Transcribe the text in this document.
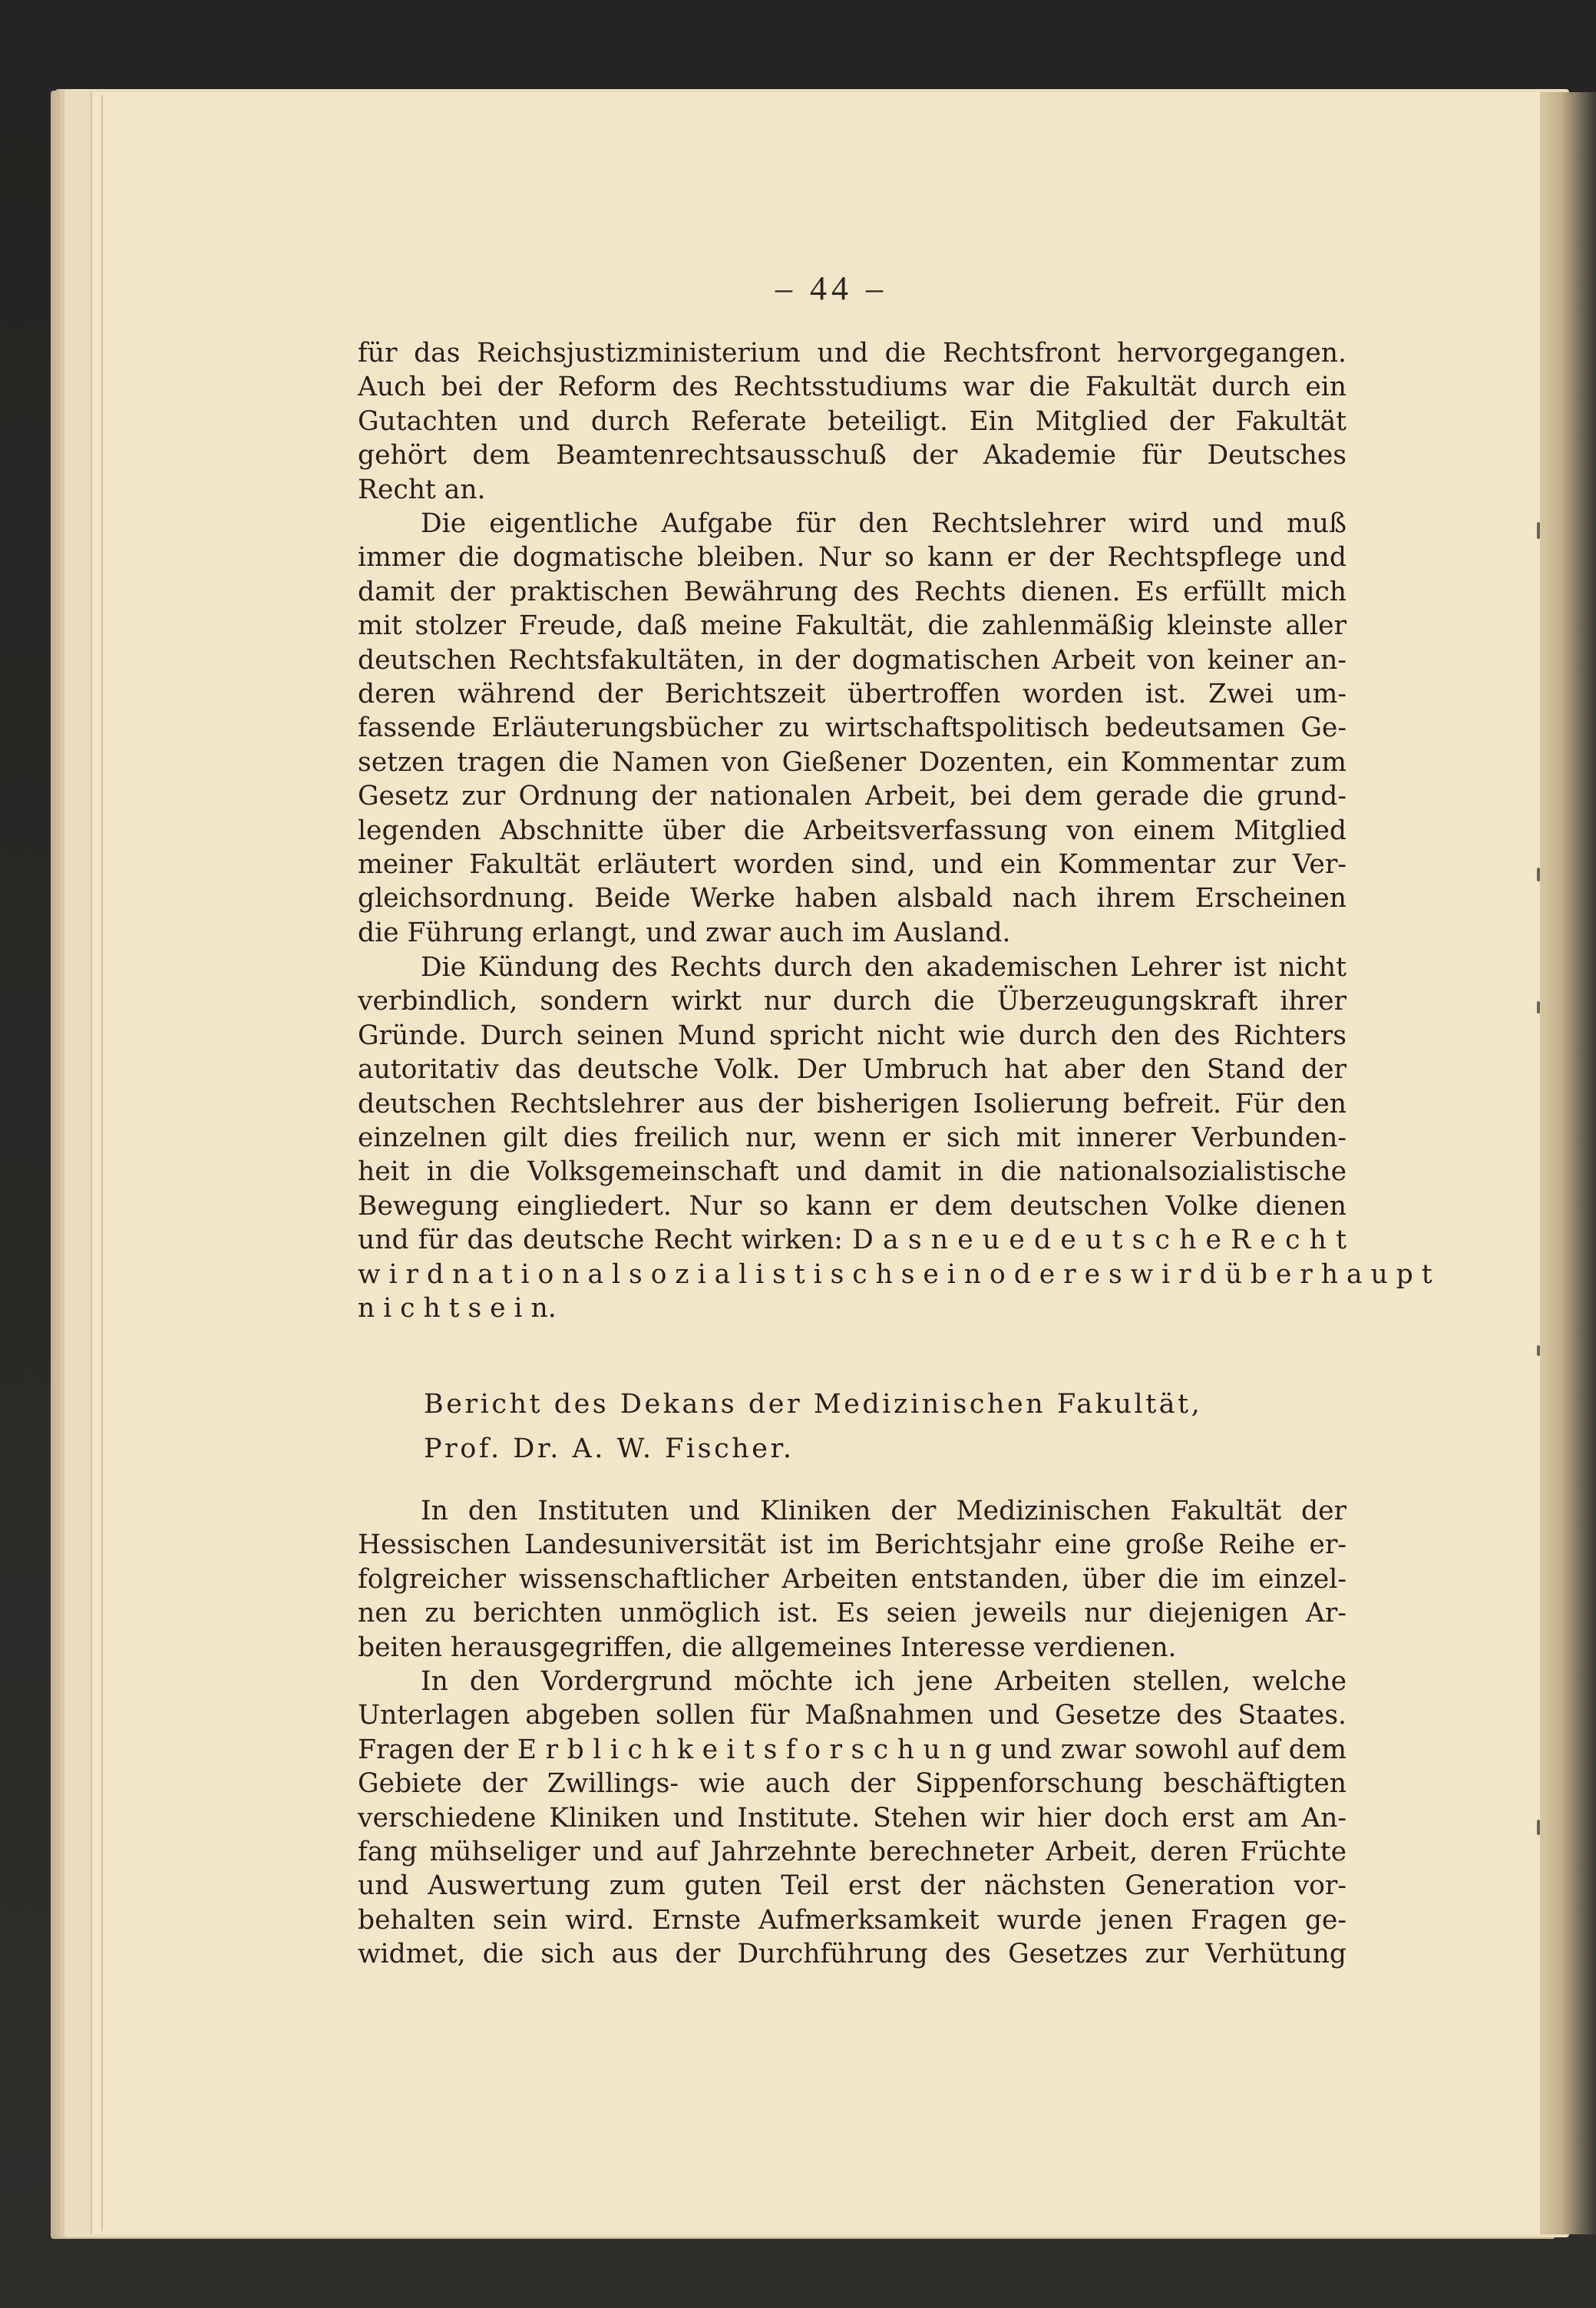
– 44 –
für das Reichsjustizministerium und die Rechtsfront hervorgegangen.
Auch bei der Reform des Rechtsstudiums war die Fakultät durch ein
Gutachten und durch Referate beteiligt. Ein Mitglied der Fakultät
gehört dem Beamtenrechtsausschuß der Akademie für Deutsches
Recht an.
Die eigentliche Aufgabe für den Rechtslehrer wird und muß
immer die dogmatische bleiben. Nur so kann er der Rechtspflege und
damit der praktischen Bewährung des Rechts dienen. Es erfüllt mich
mit stolzer Freude, daß meine Fakultät, die zahlenmäßig kleinste aller
deutschen Rechtsfakultäten, in der dogmatischen Arbeit von keiner an-
deren während der Berichtszeit übertroffen worden ist. Zwei um-
fassende Erläuterungsbücher zu wirtschaftspolitisch bedeutsamen Ge-
setzen tragen die Namen von Gießener Dozenten, ein Kommentar zum
Gesetz zur Ordnung der nationalen Arbeit, bei dem gerade die grund-
legenden Abschnitte über die Arbeitsverfassung von einem Mitglied
meiner Fakultät erläutert worden sind, und ein Kommentar zur Ver-
gleichsordnung. Beide Werke haben alsbald nach ihrem Erscheinen
die Führung erlangt, und zwar auch im Ausland.
Die Kündung des Rechts durch den akademischen Lehrer ist nicht
verbindlich, sondern wirkt nur durch die Überzeugungskraft ihrer
Gründe. Durch seinen Mund spricht nicht wie durch den des Richters
autoritativ das deutsche Volk. Der Umbruch hat aber den Stand der
deutschen Rechtslehrer aus der bisherigen Isolierung befreit. Für den
einzelnen gilt dies freilich nur, wenn er sich mit innerer Verbunden-
heit in die Volksgemeinschaft und damit in die nationalsozialistische
Bewegung eingliedert. Nur so kann er dem deutschen Volke dienen
und für das deutsche Recht wirken: D a s n e u e d e u t s c h e R e c h t
w i r d n a t i o n a l s o z i a l i s t i s c h s e i n o d e r e s w i r d ü b e r h a u p t
n i c h t s e i n.
Bericht des Dekans der Medizinischen Fakultät,
Prof. Dr. A. W. Fischer.
In den Instituten und Kliniken der Medizinischen Fakultät der
Hessischen Landesuniversität ist im Berichtsjahr eine große Reihe er-
folgreicher wissenschaftlicher Arbeiten entstanden, über die im einzel-
nen zu berichten unmöglich ist. Es seien jeweils nur diejenigen Ar-
beiten herausgegriffen, die allgemeines Interesse verdienen.
In den Vordergrund möchte ich jene Arbeiten stellen, welche
Unterlagen abgeben sollen für Maßnahmen und Gesetze des Staates.
Fragen der E r b l i c h k e i t s f o r s c h u n g und zwar sowohl auf dem
Gebiete der Zwillings- wie auch der Sippenforschung beschäftigten
verschiedene Kliniken und Institute. Stehen wir hier doch erst am An-
fang mühseliger und auf Jahrzehnte berechneter Arbeit, deren Früchte
und Auswertung zum guten Teil erst der nächsten Generation vor-
behalten sein wird. Ernste Aufmerksamkeit wurde jenen Fragen ge-
widmet, die sich aus der Durchführung des Gesetzes zur Verhütung
